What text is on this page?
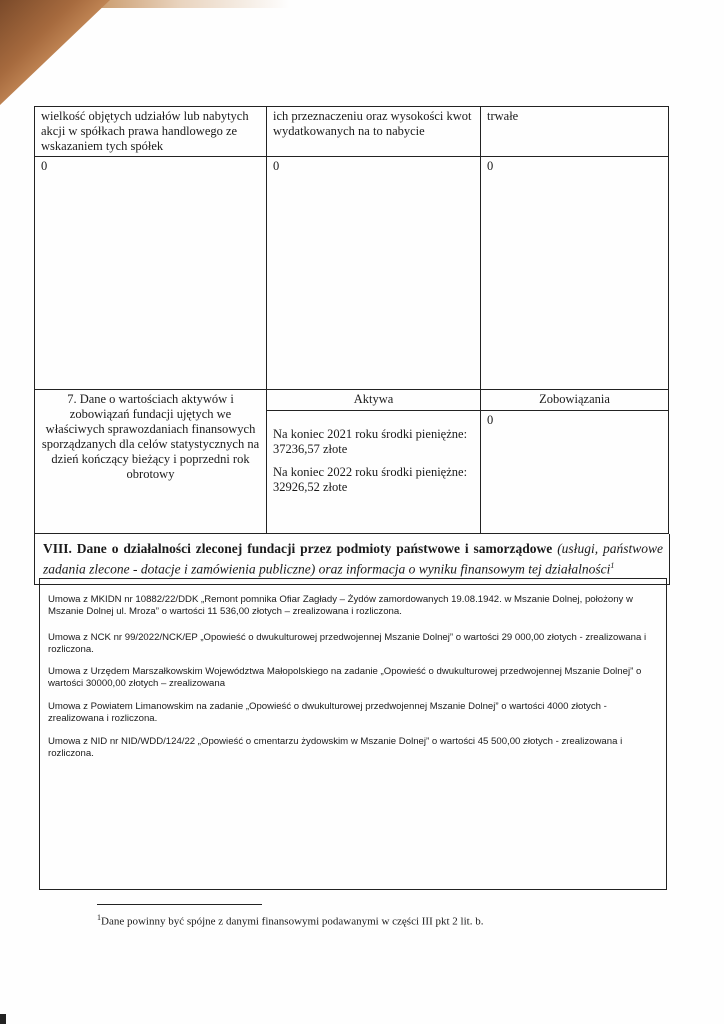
wielkość objętych udziałów lub nabytych akcji w spółkach prawa handlowego ze wskazaniem tych spółek	ich przeznaczeniu oraz wysokości kwot wydatkowanych na to nabycie	trwałe
0	0	0
7. Dane o wartościach aktywów i zobowiązań fundacji ujętych we właściwych sprawozdaniach finansowych sporządzanych dla celów statystycznych na dzień kończący bieżący i poprzedni rok obrotowy	Aktywa	Zobowiązania

	Na koniec 2021 roku środki pieniężne: 37236,57 złote
Na koniec 2022 roku środki pieniężne: 32926,52 złote	0
VIII. Dane o działalności zleconej fundacji przez podmioty państwowe i samorządowe (usługi, państwowe zadania zlecone - dotacje i zamówienia publiczne) oraz informacja o wyniku finansowym tej działalności$^1$

Umowa z MKIDN nr 10882/22/DDK „Remont pomnika Ofiar Zagłady – Żydów zamordowanych 19.08.1942. w Mszanie Dolnej, położony w Mszanie Dolnej ul. Mroza” o wartości 11 536,00 złotych – zrealizowana i rozliczona.

Umowa z NCK nr 99/2022/NCK/EP „Opowieść o dwukulturowej przedwojennej Mszanie Dolnej” o wartości 29 000,00 złotych - zrealizowana i rozliczona.

Umowa z Urzędem Marszałkowskim Województwa Małopolskiego na zadanie „Opowieść o dwukulturowej przedwojennej Mszanie Dolnej” o wartości 30000,00 złotych – zrealizowana

Umowa z Powiatem Limanowskim na zadanie „Opowieść o dwukulturowej przedwojennej Mszanie Dolnej” o wartości 4000 złotych - zrealizowana i rozliczona.

Umowa z NID nr NID/WDD/124/22 „Opowieść o cmentarzu żydowskim w Mszanie Dolnej” o wartości 45 500,00 złotych - zrealizowana i rozliczona.

$^1$Dane powinny być spójne z danymi finansowymi podawanymi w części III pkt 2 lit. b.
